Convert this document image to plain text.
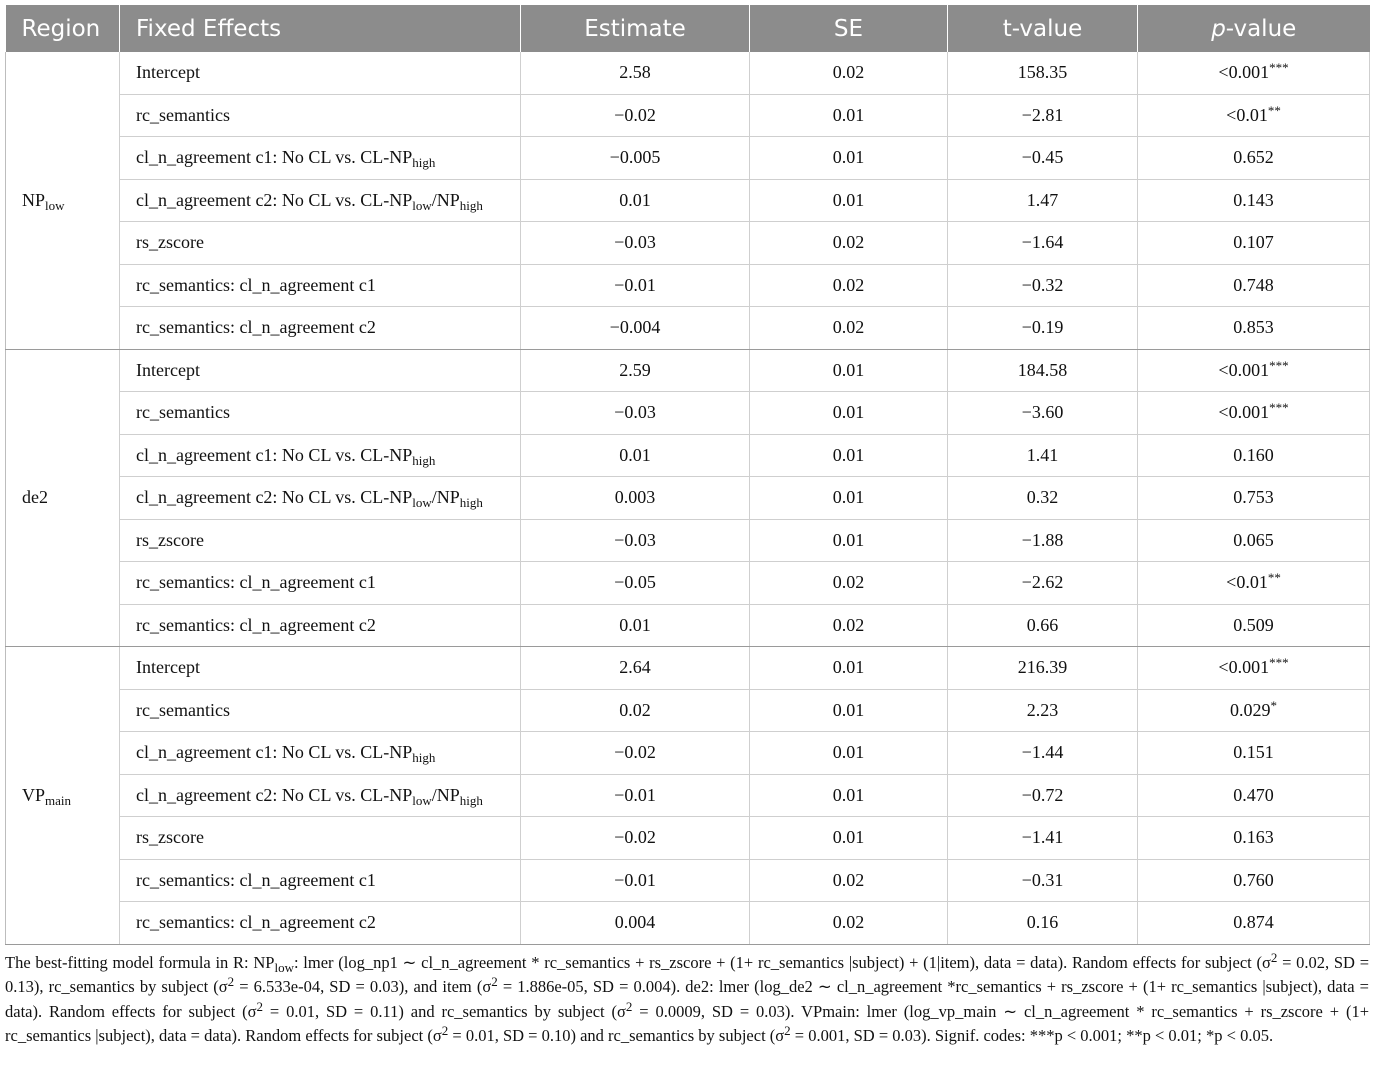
Region	Fixed Effects	Estimate	SE	t-value	p-value
$NP_{low}$	Intercept	2.58	0.02	158.35	<0.001***
	rc_semantics	−0.02	0.01	−2.81	<0.01**
	cl_n_agreement c1: No CL vs. $CL-NP_{high}$	−0.005	0.01	−0.45	0.652
	cl_n_agreement c2: No CL vs. $CL-NP_{low}/NP_{high}$	0.01	0.01	1.47	0.143
	rs_zscore	−0.03	0.02	−1.64	0.107
	rc_semantics: cl_n_agreement c1	−0.01	0.02	−0.32	0.748
	rc_semantics: cl_n_agreement c2	−0.004	0.02	−0.19	0.853
de2	Intercept	2.59	0.01	184.58	<0.001***
	rc_semantics	−0.03	0.01	−3.60	<0.001***
	cl_n_agreement c1: No CL vs. $CL-NP_{high}$	0.01	0.01	1.41	0.160
	cl_n_agreement c2: No CL vs. $CL-NP_{low}/NP_{high}$	0.003	0.01	0.32	0.753
	rs_zscore	−0.03	0.01	−1.88	0.065
	rc_semantics: cl_n_agreement c1	−0.05	0.02	−2.62	<0.01**
	rc_semantics: cl_n_agreement c2	0.01	0.02	0.66	0.509
$VP_{main}$	Intercept	2.64	0.01	216.39	<0.001***
	rc_semantics	0.02	0.01	2.23	0.029*
	cl_n_agreement c1: No CL vs. $CL-NP_{high}$	−0.02	0.01	−1.44	0.151
	cl_n_agreement c2: No CL vs. $CL-NP_{low}/NP_{high}$	−0.01	0.01	−0.72	0.470
	rs_zscore	−0.02	0.01	−1.41	0.163
	rc_semantics: cl_n_agreement c1	−0.01	0.02	−0.31	0.760
	rc_semantics: cl_n_agreement c2	0.004	0.02	0.16	0.874
The best-fitting model formula in R: $NP_{low}$: lmer (log_np1 ∼ cl_n_agreement * rc_semantics + rs_zscore + (1+ rc_semantics |subject) + (1|item), data = data). Random effects for subject ($\sigma^2 = 0.02$, SD = 0.13), rc_semantics by subject ($\sigma^2 = 6.533e-04$, SD = 0.03), and item ($\sigma^2 = 1.886e-05$, SD = 0.004). de2: lmer (log_de2 ∼ cl_n_agreement *rc_semantics + rs_zscore + (1+ rc_semantics |subject), data = data). Random effects for subject ($\sigma^2 = 0.01$, SD = 0.11) and rc_semantics by subject ($\sigma^2 = 0.0009$, SD = 0.03). VPmain: lmer (log_vp_main ∼ cl_n_agreement * rc_semantics + rs_zscore + (1+ rc_semantics |subject), data = data). Random effects for subject ($\sigma^2 = 0.01$, SD = 0.10) and rc_semantics by subject ($\sigma^2 = 0.001$, SD = 0.03). Signif. codes: ***p < 0.001; **p < 0.01; *p < 0.05.
